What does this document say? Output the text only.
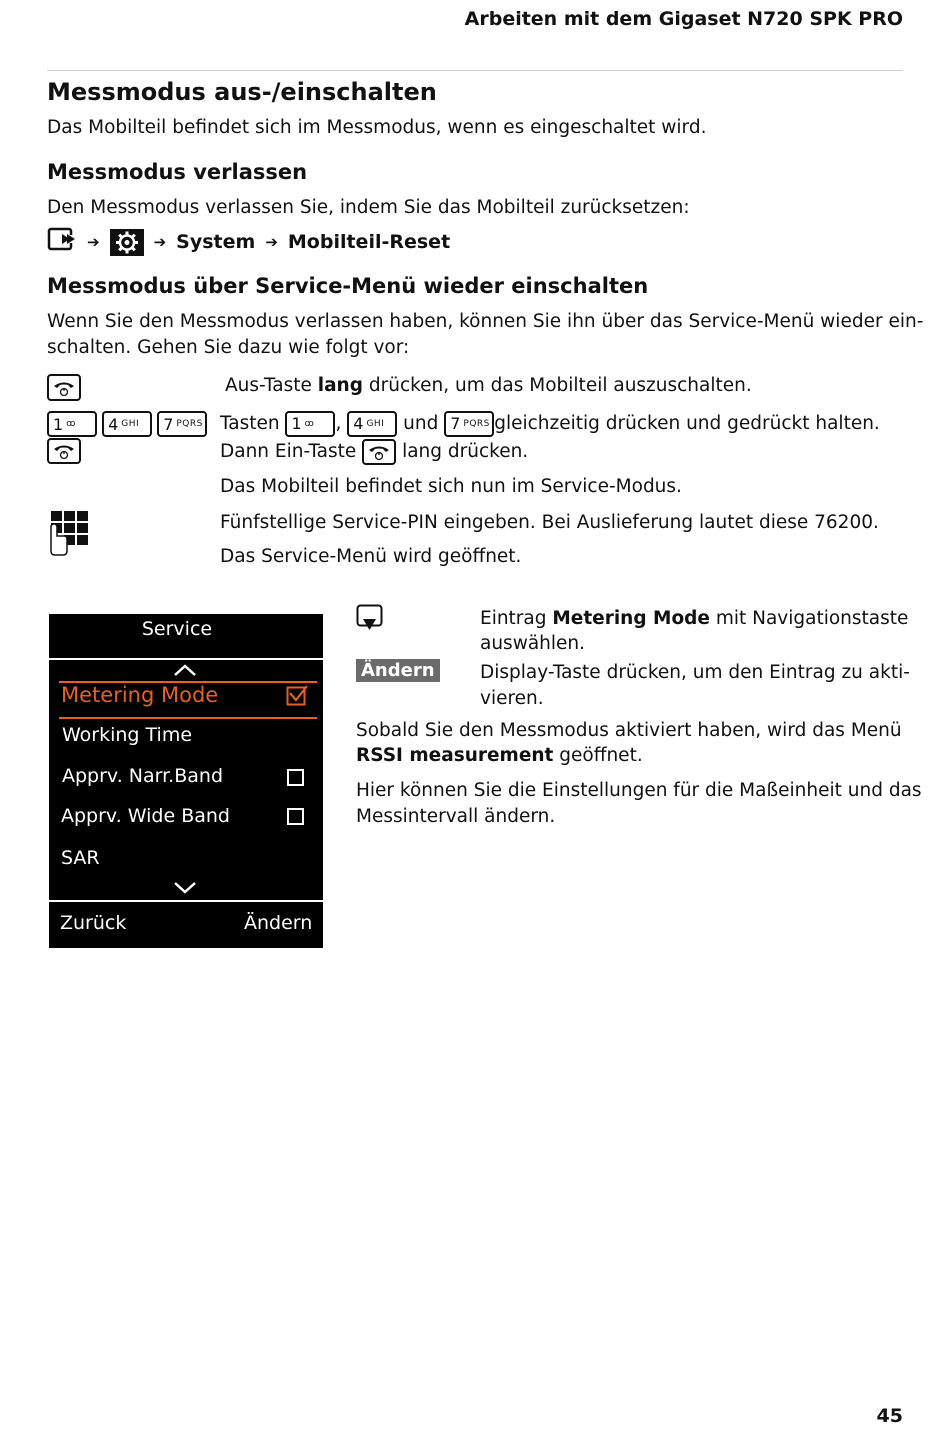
Arbeiten mit dem Gigaset N720 SPK PRO
Messmodus aus-/einschalten
Das Mobilteil befindet sich im Messmodus, wenn es eingeschaltet wird.
Messmodus verlassen
Den Messmodus verlassen Sie, indem Sie das Mobilteil zurücksetzen:
➔	➔ System ➔ Mobilteil-Reset
Messmodus über Service-Menü wieder einschalten
Wenn Sie den Messmodus verlassen haben, können Sie ihn über das Service-Menü wieder ein-
schalten. Gehen Sie dazu wie folgt vor:
Aus-Taste lang drücken, um das Mobilteil auszuschalten.
1 ꝏ
4 GHI
7 PQRS Tasten 1 ꝏ , 4 GHI und 7 PQRS gleichzeitig drücken und gedrückt halten.
Dann Ein-Taste lang drücken.
Das Mobilteil befindet sich nun im Service-Modus.
Fünfstellige Service-PIN eingeben. Bei Auslieferung lautet diese 76200.
Das Service-Menü wird geöffnet.
Service
Metering Mode
Working Time
Apprv. Narr.Band
Apprv. Wide Band
SAR
Zurück	Ändern
Eintrag Metering Mode mit Navigationstaste
auswählen.
Ändern Display-Taste drücken, um den Eintrag zu akti-
vieren.
Sobald Sie den Messmodus aktiviert haben, wird das Menü
RSSI measurement geöffnet.
Hier können Sie die Einstellungen für die Maßeinheit und das
Messintervall ändern.
45
